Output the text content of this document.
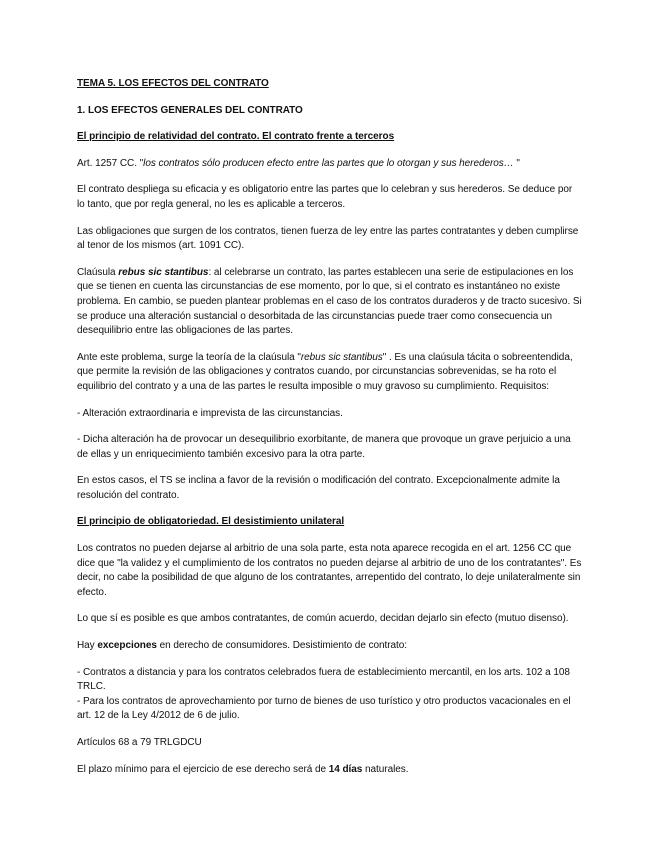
TEMA 5. LOS EFECTOS DEL CONTRATO

1. LOS EFECTOS GENERALES DEL CONTRATO

El principio de relatividad del contrato. El contrato frente a terceros

Art. 1257 CC. "los contratos sólo producen efecto entre las partes que lo otorgan y sus herederos… "

El contrato despliega su eficacia y es obligatorio entre las partes que lo celebran y sus herederos. Se deduce por lo tanto, que por regla general, no les es aplicable a terceros.

Las obligaciones que surgen de los contratos, tienen fuerza de ley entre las partes contratantes y deben cumplirse al tenor de los mismos (art. 1091 CC).

Claúsula rebus sic stantibus: al celebrarse un contrato, las partes establecen una serie de estipulaciones en los que se tienen en cuenta las circunstancias de ese momento, por lo que, si el contrato es instantáneo no existe problema. En cambio, se pueden plantear problemas en el caso de los contratos duraderos y de tracto sucesivo. Si se produce una alteración sustancial o desorbitada de las circunstancias puede traer como consecuencia un desequilibrio entre las obligaciones de las partes.

Ante este problema, surge la teoría de la claúsula "rebus sic stantibus" . Es una claúsula tácita o sobreentendida, que permite la revisión de las obligaciones y contratos cuando, por circunstancias sobrevenidas, se ha roto el equilibrio del contrato y a una de las partes le resulta imposible o muy gravoso su cumplimiento. Requisitos:

- Alteración extraordinaria e imprevista de las circunstancias.

- Dicha alteración ha de provocar un desequilibrio exorbitante, de manera que provoque un grave perjuicio a una de ellas y un enriquecimiento también excesivo para la otra parte.

En estos casos, el TS se inclina a favor de la revisión o modificación del contrato. Excepcionalmente admite la resolución del contrato.

El principio de obligatoriedad. El desistimiento unilateral

Los contratos no pueden dejarse al arbitrio de una sola parte, esta nota aparece recogida en el art. 1256 CC que dice que "la validez y el cumplimiento de los contratos no pueden dejarse al arbitrio de uno de los contratantes". Es decir, no cabe la posibilidad de que alguno de los contratantes, arrepentido del contrato, lo deje unilateralmente sin efecto.

Lo que sí es posible es que ambos contratantes, de común acuerdo, decidan dejarlo sin efecto (mutuo disenso).

Hay excepciones en derecho de consumidores. Desistimiento de contrato:

- Contratos a distancia y para los contratos celebrados fuera de establecimiento mercantil, en los arts. 102 a 108 TRLC.

- Para los contratos de aprovechamiento por turno de bienes de uso turístico y otro productos vacacionales en el art. 12 de la Ley 4/2012 de 6 de julio.

Artículos 68 a 79 TRLGDCU

El plazo mínimo para el ejercicio de ese derecho será de 14 días naturales.
